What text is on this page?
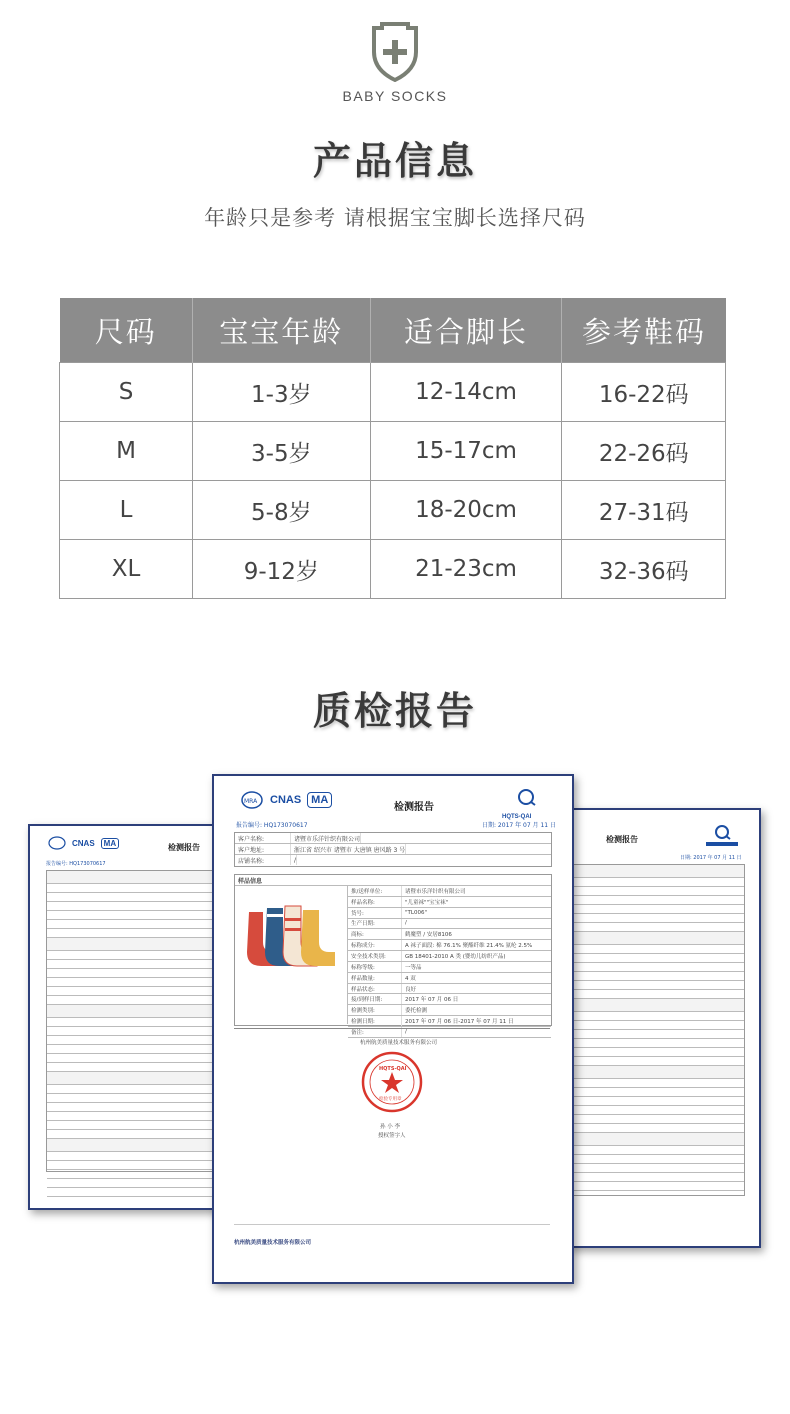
BABY SOCKS
产品信息
年龄只是参考 请根据宝宝脚长选择尺码
尺码	宝宝年龄	适合脚长	参考鞋码
S	1-3岁	12-14cm	16-22码
M	3-5岁	15-17cm	22-26码
L	5-8岁	18-20cm	27-31码
XL	9-12岁	21-23cm	32-36码
质检报告
CNAS	MA	检测报告
报告编号: HQ173070617
检测报告
日期: 2017 年 07 月 11 日
MRA CNAS MA
检测报告
HQTS-QAI
报告编号: HQ173070617	日期: 2017 年 07 月 11 日
客户名称:	诸暨市乐洋针织有限公司
客户地址:	浙江省 绍兴市 诸暨市 大唐镇 唐风路 3 号
店铺名称:	/
样品信息
推/送样单位:	诸暨市乐洋针织有限公司
样品名称:	"儿童袜""宝宝袜"
货号:	"TL006"
生产日期:	/
商标:	鹤魔塑 / 安居8106
标称成分:	A 袜子面段: 棉 76.1% 聚酯纤维 21.4% 氨纶 2.5%
安全技术类别:	GB 18401-2010 A 类 (婴幼儿纺织产品)
标称等级:	一等品
样品数量:	4 双
样品状态:	良好
接/到样日期:	2017 年 07 月 06 日
检测类别:	委托检测
检测日期:	2017 年 07 月 06 日-2017 年 07 月 11 日
备注:	/
杭州航美质量技术服务有限公司
HQTS-QAI
检验专用章
孙 小 李
授权签字人
杭州航美质量技术服务有限公司
